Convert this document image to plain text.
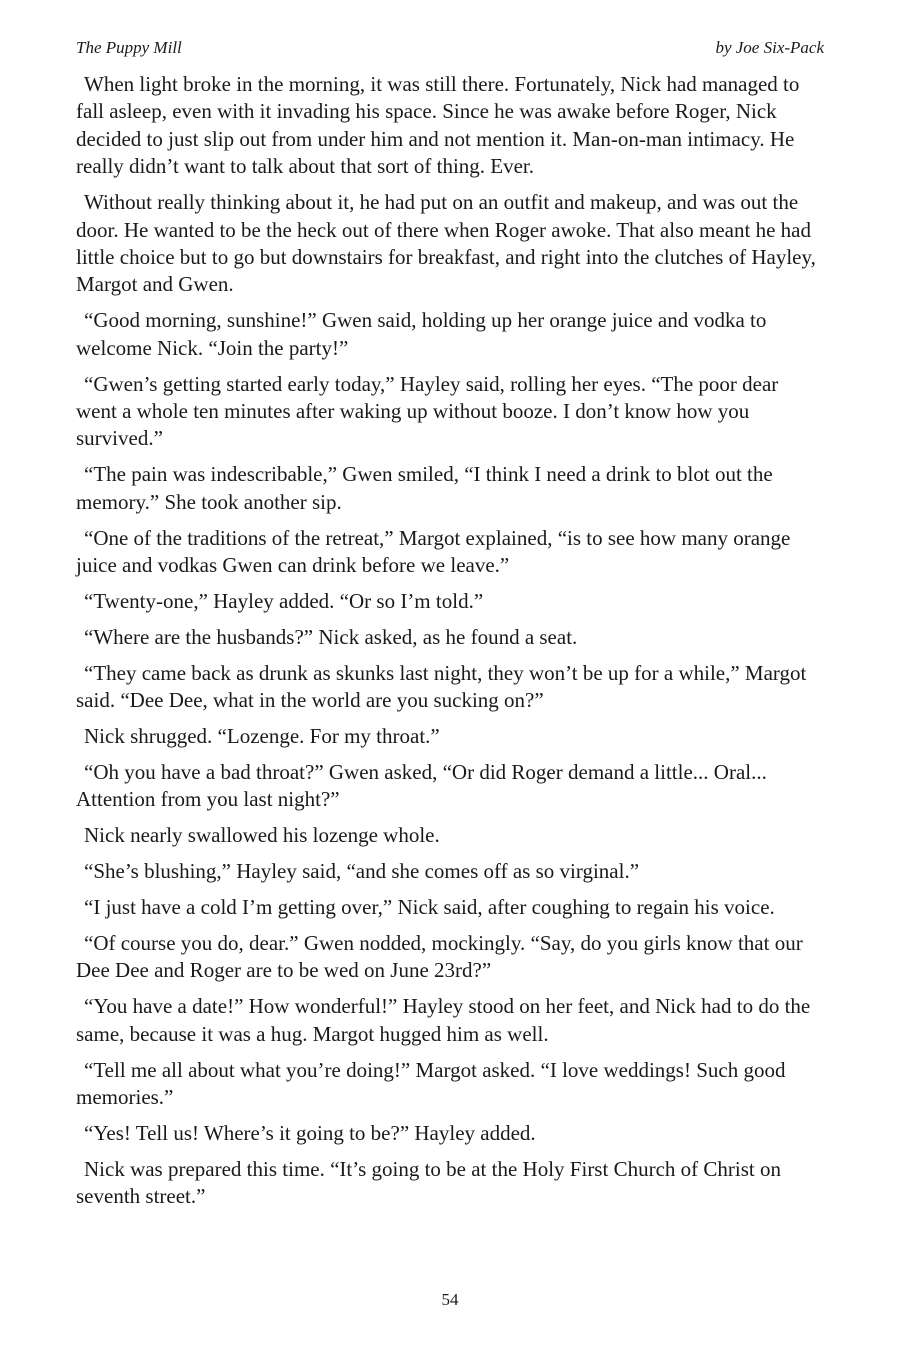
The Puppy Mill	by Joe Six-Pack

When light broke in the morning, it was still there. Fortunately, Nick had managed to fall asleep, even with it invading his space. Since he was awake before Roger, Nick decided to just slip out from under him and not mention it. Man-on-man intimacy. He really didn’t want to talk about that sort of thing. Ever.

Without really thinking about it, he had put on an outfit and makeup, and was out the door. He wanted to be the heck out of there when Roger awoke. That also meant he had little choice but to go but downstairs for breakfast, and right into the clutches of Hayley, Margot and Gwen.

“Good morning, sunshine!” Gwen said, holding up her orange juice and vodka to welcome Nick. “Join the party!”

“Gwen’s getting started early today,” Hayley said, rolling her eyes. “The poor dear went a whole ten minutes after waking up without booze. I don’t know how you survived.”

“The pain was indescribable,” Gwen smiled, “I think I need a drink to blot out the memory.” She took another sip.

“One of the traditions of the retreat,” Margot explained, “is to see how many orange juice and vodkas Gwen can drink before we leave.”

“Twenty-one,” Hayley added. “Or so I’m told.”

“Where are the husbands?” Nick asked, as he found a seat.

“They came back as drunk as skunks last night, they won’t be up for a while,” Margot said. “Dee Dee, what in the world are you sucking on?”

Nick shrugged. “Lozenge. For my throat.”

“Oh you have a bad throat?” Gwen asked, “Or did Roger demand a little... Oral... Attention from you last night?”

Nick nearly swallowed his lozenge whole.

“She’s blushing,” Hayley said, “and she comes off as so virginal.”

“I just have a cold I’m getting over,” Nick said, after coughing to regain his voice.

“Of course you do, dear.” Gwen nodded, mockingly. “Say, do you girls know that our Dee Dee and Roger are to be wed on June 23rd?”

“You have a date!” How wonderful!” Hayley stood on her feet, and Nick had to do the same, because it was a hug. Margot hugged him as well.

“Tell me all about what you’re doing!” Margot asked. “I love weddings! Such good memories.”

“Yes! Tell us! Where’s it going to be?” Hayley added.

Nick was prepared this time. “It’s going to be at the Holy First Church of Christ on seventh street.”

54
